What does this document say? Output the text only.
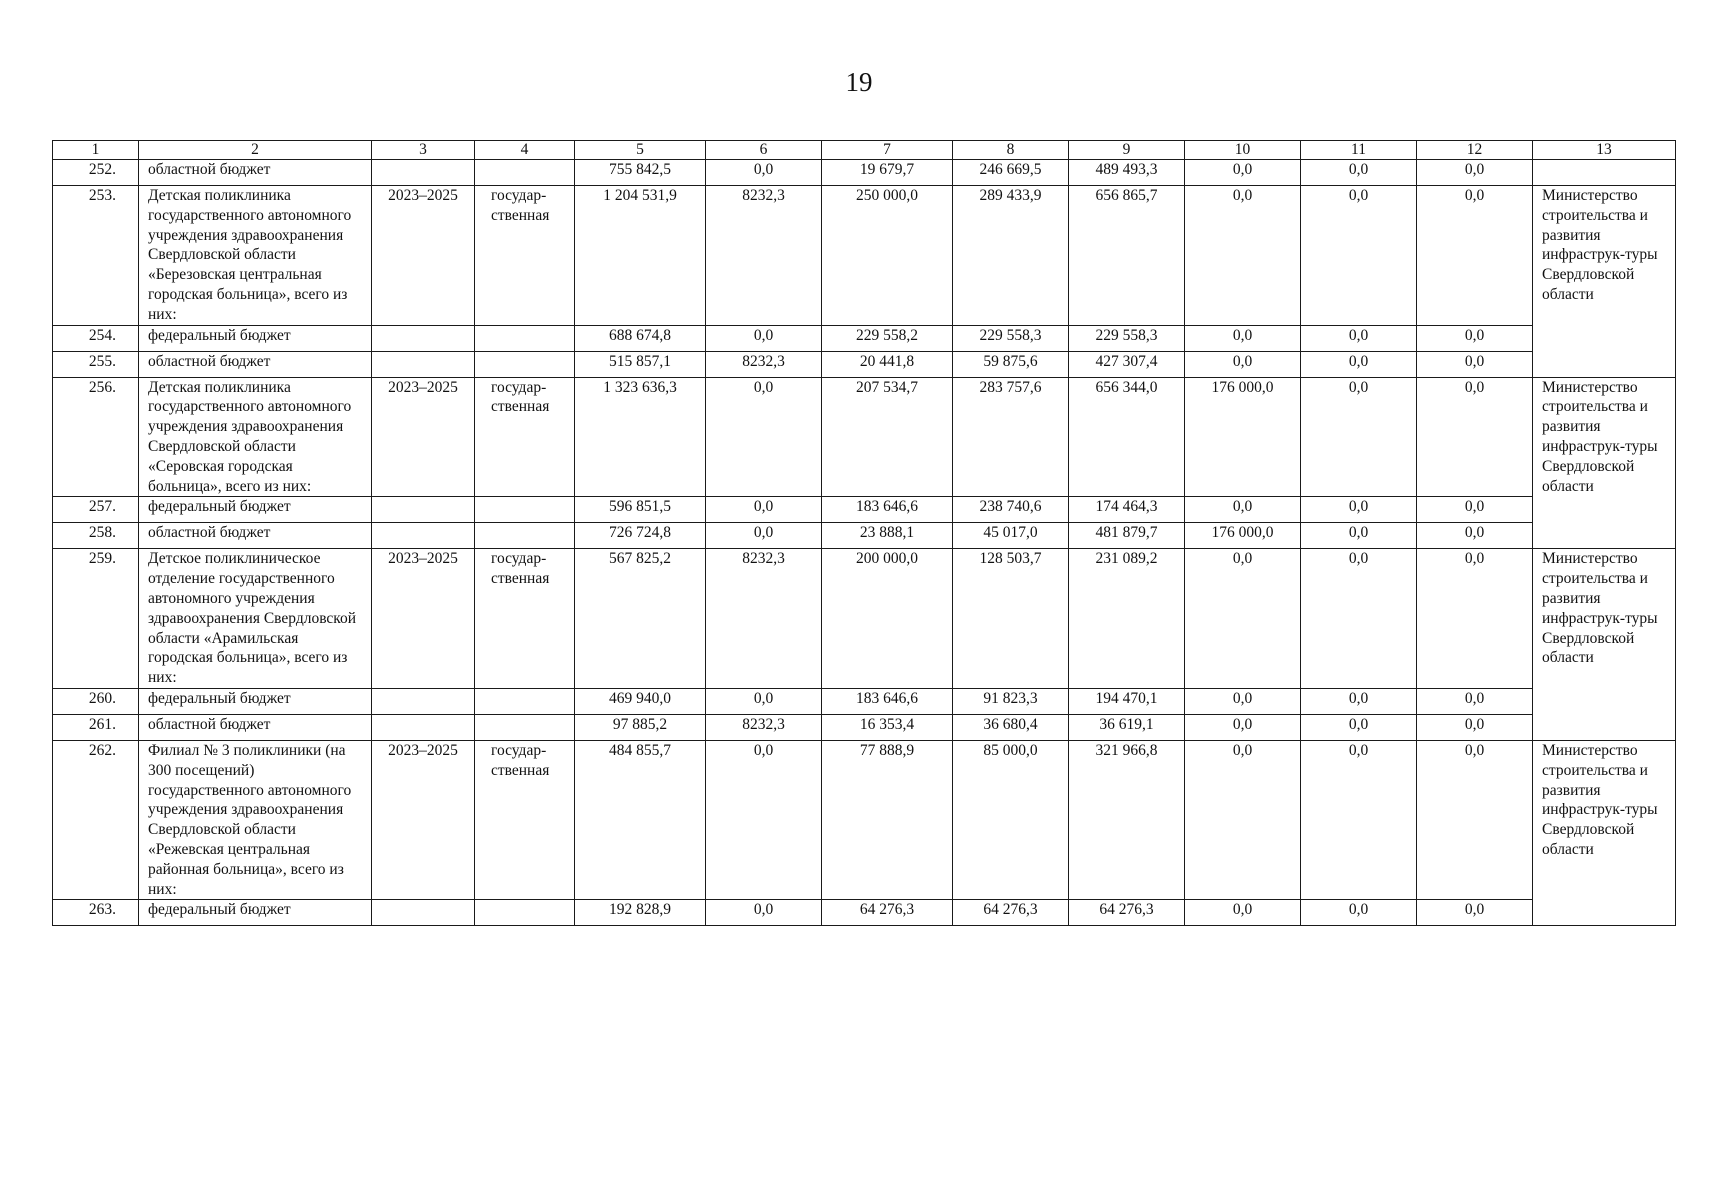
19
1	2	3	4	5	6	7	8	9	10	11	12	13
252.	областной бюджет			755 842,5	0,0	19 679,7	246 669,5	489 493,3	0,0	0,0	0,0	
253.	Детская поликлиника государственного автономного учреждения здравоохранения Свердловской области «Березовская центральная городская больница», всего из них:	2023–2025	государ-ственная	1 204 531,9	8232,3	250 000,0	289 433,9	656 865,7	0,0	0,0	0,0	Министерство строительства и развития инфраструк-туры Свердловской области
254.	федеральный бюджет			688 674,8	0,0	229 558,2	229 558,3	229 558,3	0,0	0,0	0,0	
255.	областной бюджет			515 857,1	8232,3	20 441,8	59 875,6	427 307,4	0,0	0,0	0,0	
256.	Детская поликлиника государственного автономного учреждения здравоохранения Свердловской области «Серовская городская больница», всего из них:	2023–2025	государ-ственная	1 323 636,3	0,0	207 534,7	283 757,6	656 344,0	176 000,0	0,0	0,0	Министерство строительства и развития инфраструк-туры Свердловской области
257.	федеральный бюджет			596 851,5	0,0	183 646,6	238 740,6	174 464,3	0,0	0,0	0,0	
258.	областной бюджет			726 724,8	0,0	23 888,1	45 017,0	481 879,7	176 000,0	0,0	0,0	
259.	Детское поликлиническое отделение государственного автономного учреждения здравоохранения Свердловской области «Арамильская городская больница», всего из них:	2023–2025	государ-ственная	567 825,2	8232,3	200 000,0	128 503,7	231 089,2	0,0	0,0	0,0	Министерство строительства и развития инфраструк-туры Свердловской области
260.	федеральный бюджет			469 940,0	0,0	183 646,6	91 823,3	194 470,1	0,0	0,0	0,0	
261.	областной бюджет			97 885,2	8232,3	16 353,4	36 680,4	36 619,1	0,0	0,0	0,0	
262.	Филиал № 3 поликлиники (на 300 посещений) государственного автономного учреждения здравоохранения Свердловской области «Режевская центральная районная больница», всего из них:	2023–2025	государ-ственная	484 855,7	0,0	77 888,9	85 000,0	321 966,8	0,0	0,0	0,0	Министерство строительства и развития инфраструк-туры Свердловской области
263.	федеральный бюджет			192 828,9	0,0	64 276,3	64 276,3	64 276,3	0,0	0,0	0,0	
